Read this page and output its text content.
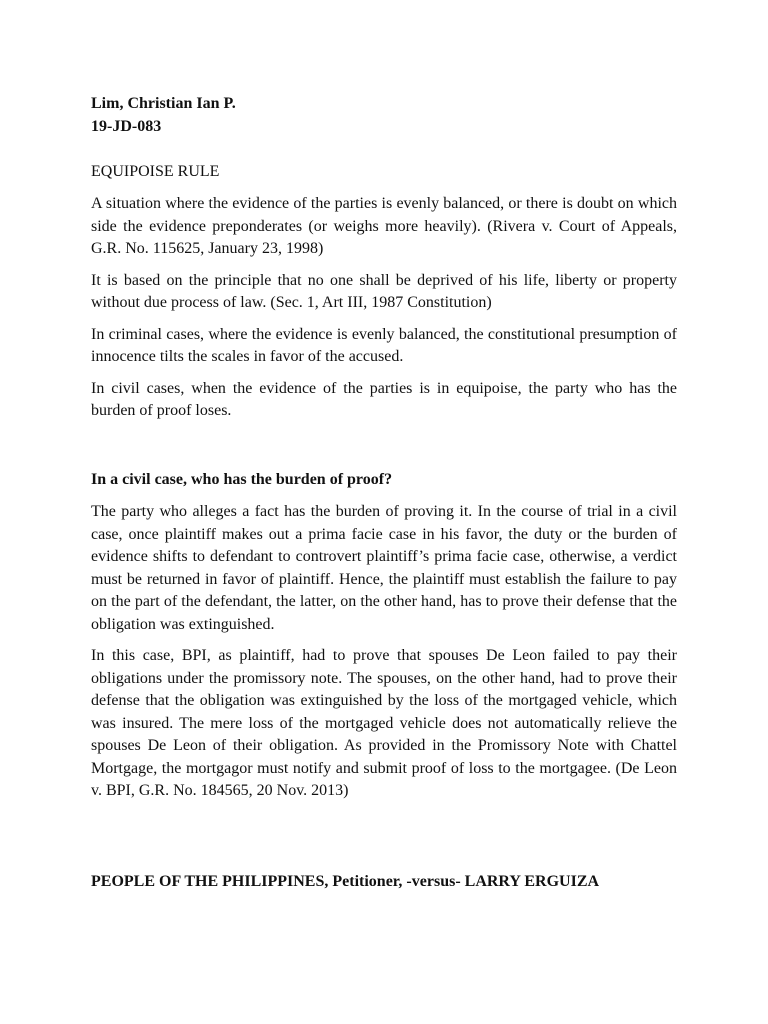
Lim, Christian Ian P.

19-JD-083

EQUIPOISE RULE

A situation where the evidence of the parties is evenly balanced, or there is doubt on which side the evidence preponderates (or weighs more heavily). (Rivera v. Court of Appeals, G.R. No. 115625, January 23, 1998)

It is based on the principle that no one shall be deprived of his life, liberty or property without due process of law. (Sec. 1, Art III, 1987 Constitution)

In criminal cases, where the evidence is evenly balanced, the constitutional presumption of innocence tilts the scales in favor of the accused.

In civil cases, when the evidence of the parties is in equipoise, the party who has the burden of proof loses.

In a civil case, who has the burden of proof?

The party who alleges a fact has the burden of proving it. In the course of trial in a civil case, once plaintiff makes out a prima facie case in his favor, the duty or the burden of evidence shifts to defendant to controvert plaintiff’s prima facie case, otherwise, a verdict must be returned in favor of plaintiff. Hence, the plaintiff must establish the failure to pay on the part of the defendant, the latter, on the other hand, has to prove their defense that the obligation was extinguished.

In this case, BPI, as plaintiff, had to prove that spouses De Leon failed to pay their obligations under the promissory note. The spouses, on the other hand, had to prove their defense that the obligation was extinguished by the loss of the mortgaged vehicle, which was insured. The mere loss of the mortgaged vehicle does not automatically relieve the spouses De Leon of their obligation. As provided in the Promissory Note with Chattel Mortgage, the mortgagor must notify and submit proof of loss to the mortgagee. (De Leon v. BPI, G.R. No. 184565, 20 Nov. 2013)

PEOPLE OF THE PHILIPPINES, Petitioner, -versus- LARRY ERGUIZA
